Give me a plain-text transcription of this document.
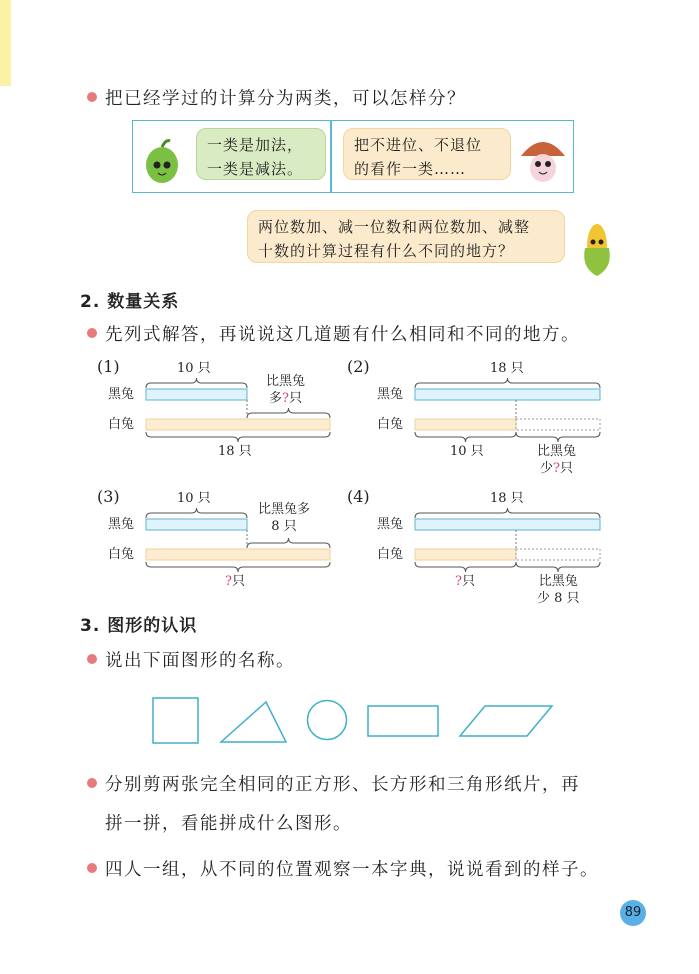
把已经学过的计算分为两类，可以怎样分？
一类是加法，
一类是减法。
把不进位、不退位
的看作一类……
两位数加、减一位数和两位数加、减整
十数的计算过程有什么不同的地方？
2. 数量关系
先列式解答，再说说这几道题有什么相同和不同的地方。
(1)	10 只
黑兔
白兔
比黑兔
多?只
18 只
(2)	18 只
黑兔
白兔
10 只	比黑兔
少?只
(3)	10 只
黑兔
白兔
比黑兔多
8 只
?只
(4)	18 只
黑兔
白兔
?只	比黑兔
少 8 只
3. 图形的认识
说出下面图形的名称。
分别剪两张完全相同的正方形、长方形和三角形纸片，再
拼一拼，看能拼成什么图形。
四人一组，从不同的位置观察一本字典，说说看到的样子。
89
